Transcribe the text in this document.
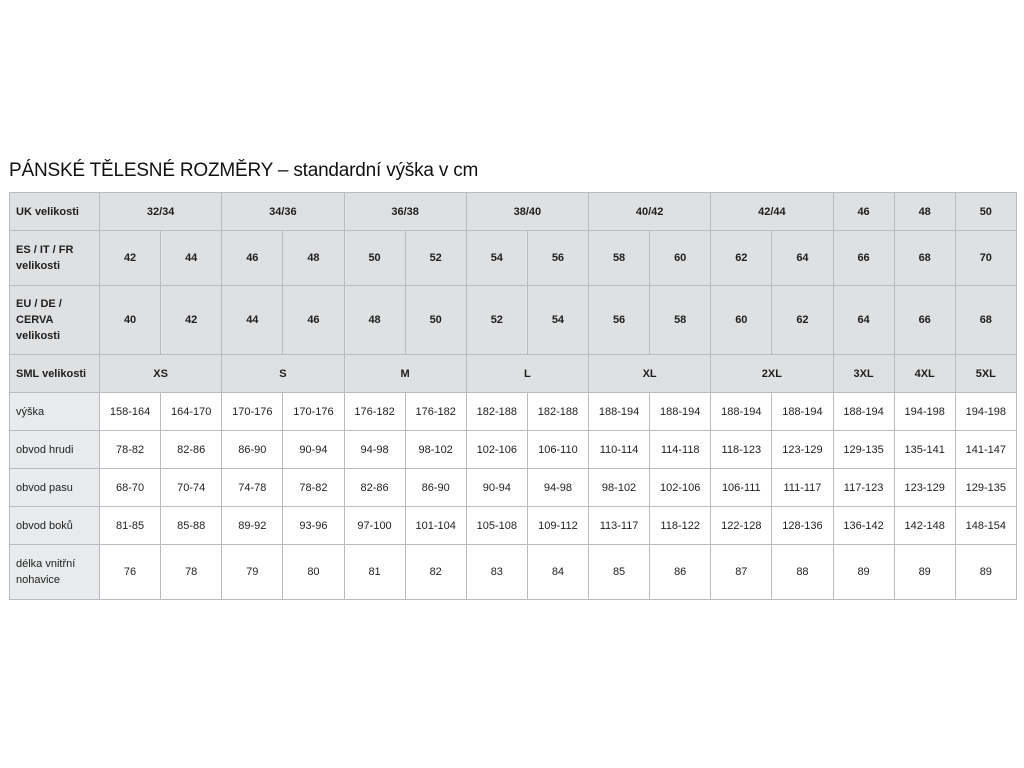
PÁNSKÉ TĚLESNÉ ROZMĚRY – standardní výška v cm
UK velikosti	32/34		34/36		36/38		38/40		40/42		42/44		46	48	50
ES / IT / FR
velikosti	42	44	46	48	50	52	54	56	58	60	62	64	66	68	70
EU / DE /
CERVA
velikosti	40	42	44	46	48	50	52	54	56	58	60	62	64	66	68
SML velikosti	XS		S		M		L		XL		2XL		3XL	4XL	5XL
výška	158-164	164-170	170-176	170-176	176-182	176-182	182-188	182-188	188-194	188-194	188-194	188-194	188-194	194-198	194-198
obvod hrudi	78-82	82-86	86-90	90-94	94-98	98-102	102-106	106-110	110-114	114-118	118-123	123-129	129-135	135-141	141-147
obvod pasu	68-70	70-74	74-78	78-82	82-86	86-90	90-94	94-98	98-102	102-106	106-111	111-117	117-123	123-129	129-135
obvod boků	81-85	85-88	89-92	93-96	97-100	101-104	105-108	109-112	113-117	118-122	122-128	128-136	136-142	142-148	148-154
délka vnitřní
nohavice	76	78	79	80	81	82	83	84	85	86	87	88	89	89	89
